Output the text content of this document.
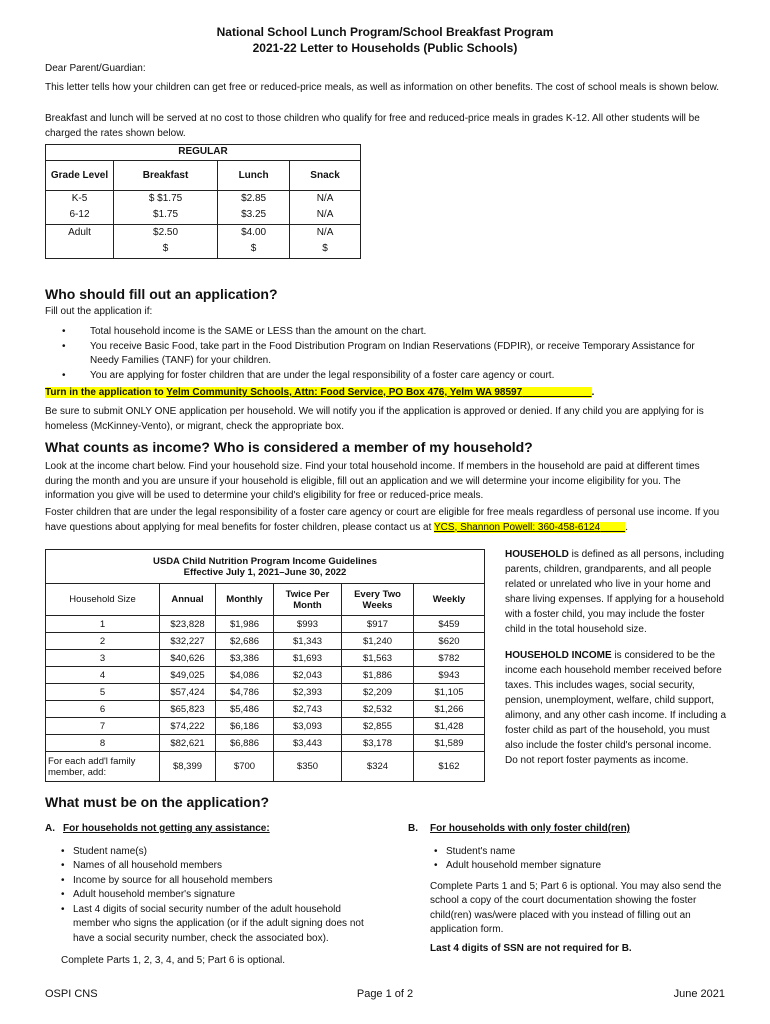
National School Lunch Program/School Breakfast Program
2021-22 Letter to Households (Public Schools)
Dear Parent/Guardian:
This letter tells how your children can get free or reduced-price meals, as well as information on other benefits. The cost of school meals is shown below.
Breakfast and lunch will be served at no cost to those children who qualify for free and reduced-price meals in grades K-12. All other students will be charged the rates shown below.
REGULAR			
Grade Level	Breakfast	Lunch	Snack
K-5	$ $1.75	$2.85	N/A
6-12	$1.75	$3.25	N/A
Adult	$2.50	$4.00	N/A
	$	$	$
Who should fill out an application?
Fill out the application if:
• Total household income is the SAME or LESS than the amount on the chart.
• You receive Basic Food, take part in the Food Distribution Program on Indian Reservations (FDPIR), or receive Temporary Assistance for Needy Families (TANF) for your children.
• You are applying for foster children that are under the legal responsibility of a foster care agency or court.
Turn in the application to Yelm Community Schools, Attn: Food Service, PO Box 476, Yelm WA 98597	.
Be sure to submit ONLY ONE application per household. We will notify you if the application is approved or denied. If any child you are applying for is homeless (McKinney-Vento), or migrant, check the appropriate box.
What counts as income? Who is considered a member of my household?
Look at the income chart below. Find your household size. Find your total household income. If members in the household are paid at different times during the month and you are unsure if your household is eligible, fill out an application and we will determine your income eligibility for you. The information you give will be used to determine your child's eligibility for free or reduced-price meals.
Foster children that are under the legal responsibility of a foster care agency or court are eligible for free meals regardless of personal use income. If you have questions about applying for meal benefits for foster children, please contact us at YCS, Shannon Powell: 360-458-6124	.
USDA Child Nutrition Program Income Guidelines
Effective July 1, 2021–June 30, 2022					

Household Size	Annual	Monthly	Twice Per Month	Every Two Weeks	Weekly
1	$23,828	$1,986	$993	$917	$459
2	$32,227	$2,686	$1,343	$1,240	$620
3	$40,626	$3,386	$1,693	$1,563	$782
4	$49,025	$4,086	$2,043	$1,886	$943
5	$57,424	$4,786	$2,393	$2,209	$1,105
6	$65,823	$5,486	$2,743	$2,532	$1,266
7	$74,222	$6,186	$3,093	$2,855	$1,428
8	$82,621	$6,886	$3,443	$3,178	$1,589
For each add'l family member, add:	$8,399	$700	$350	$324	$162
HOUSEHOLD is defined as all persons, including parents, children, grandparents, and all people related or unrelated who live in your home and share living expenses. If applying for a household with a foster child, you may include the foster child in the total household size.
HOUSEHOLD INCOME is considered to be the income each household member received before taxes. This includes wages, social security, pension, unemployment, welfare, child support, alimony, and any other cash income. If including a foster child as part of the household, you must also include the foster child's personal income. Do not report foster payments as income.
What must be on the application?
A. For households not getting any assistance:
• Student name(s)
• Names of all household members
• Income by source for all household members
• Adult household member's signature
• Last 4 digits of social security number of the adult household member who signs the application (or if the adult signing does not have a social security number, check the associated box).
Complete Parts 1, 2, 3, 4, and 5; Part 6 is optional.
B. For households with only foster child(ren)
• Student's name
• Adult household member signature
Complete Parts 1 and 5; Part 6 is optional. You may also send the school a copy of the court documentation showing the foster child(ren) was/were placed with you instead of filling out an application form.
Last 4 digits of SSN are not required for B.
OSPI CNS	Page 1 of 2	June 2021
